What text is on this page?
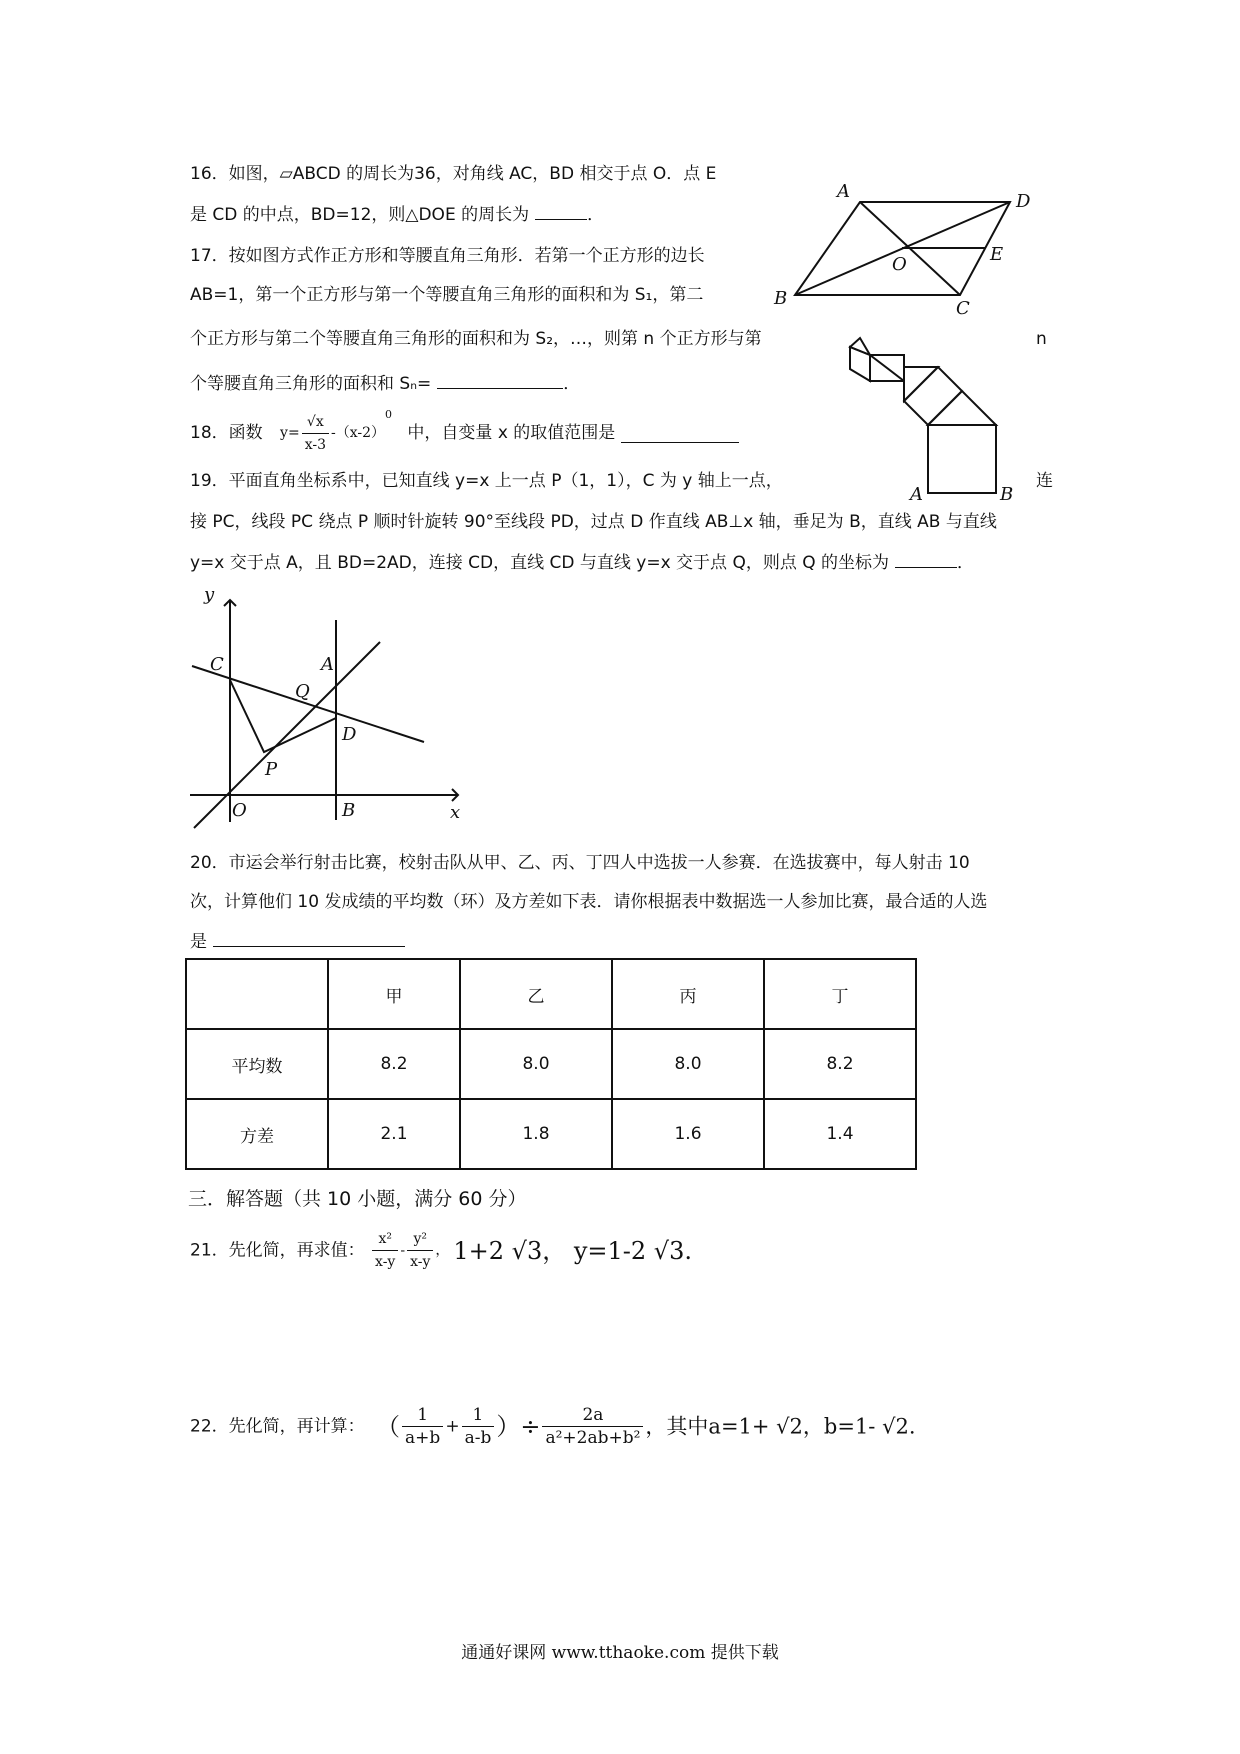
16．如图，▱ABCD 的周长为36，对角线 AC，BD 相交于点 O．点 E
是 CD 的中点，BD=12，则△DOE 的周长为	．
A	D
O	E
B	C
17．按如图方式作正方形和等腰直角三角形．若第一个正方形的边长
AB=1，第一个正方形与第一个等腰直角三角形的面积和为 S₁，第二
个正方形与第二个等腰直角三角形的面积和为 S₂，…，则第 n 个正方形与第	n
个等腰直角三角形的面积和 Sₙ=	．
A	B
18．函数 $y= \frac{√x}{x-3} -(x-2)^0$ 中，自变量 x 的取值范围是
19．平面直角坐标系中，已知直线 y=x 上一点 P（1，1），C 为 y 轴上一点，	连
接 PC，线段 PC 绕点 P 顺时针旋转 90°至线段 PD，过点 D 作直线 AB⊥x 轴，垂足为 B，直线 AB 与直线
y=x 交于点 A，且 BD=2AD，连接 CD，直线 CD 与直线 y=x 交于点 Q，则点 Q 的坐标为	．
y
C	A
Q
D
P
O	B	x
20．市运会举行射击比赛，校射击队从甲、乙、丙、丁四人中选拔一人参赛．在选拔赛中，每人射击 10
次，计算他们 10 发成绩的平均数（环）及方差如下表．请你根据表中数据选一人参加比赛，最合适的人选
是
	甲	乙	丙	丁
平均数	8.2	8.0	8.0	8.2
方差	2.1	1.8	1.6	1.4
三．解答题（共 10 小题，满分 60 分）
21．先化简，再求值： $\frac{\text{x²}}{x-y} - \frac{\text{y²}}{x-y}$ ， 1+2 √3， y=1-2 √3.
22．先化简，再计算： （ $\frac{1}{a+b} + \frac{1}{a-b}$ ）÷ $\frac{2a}{\text{a²+2ab+b²}}$ ，其中a=1+ √2，b=1- √2.
通通好课网 www.tthaoke.com 提供下载
